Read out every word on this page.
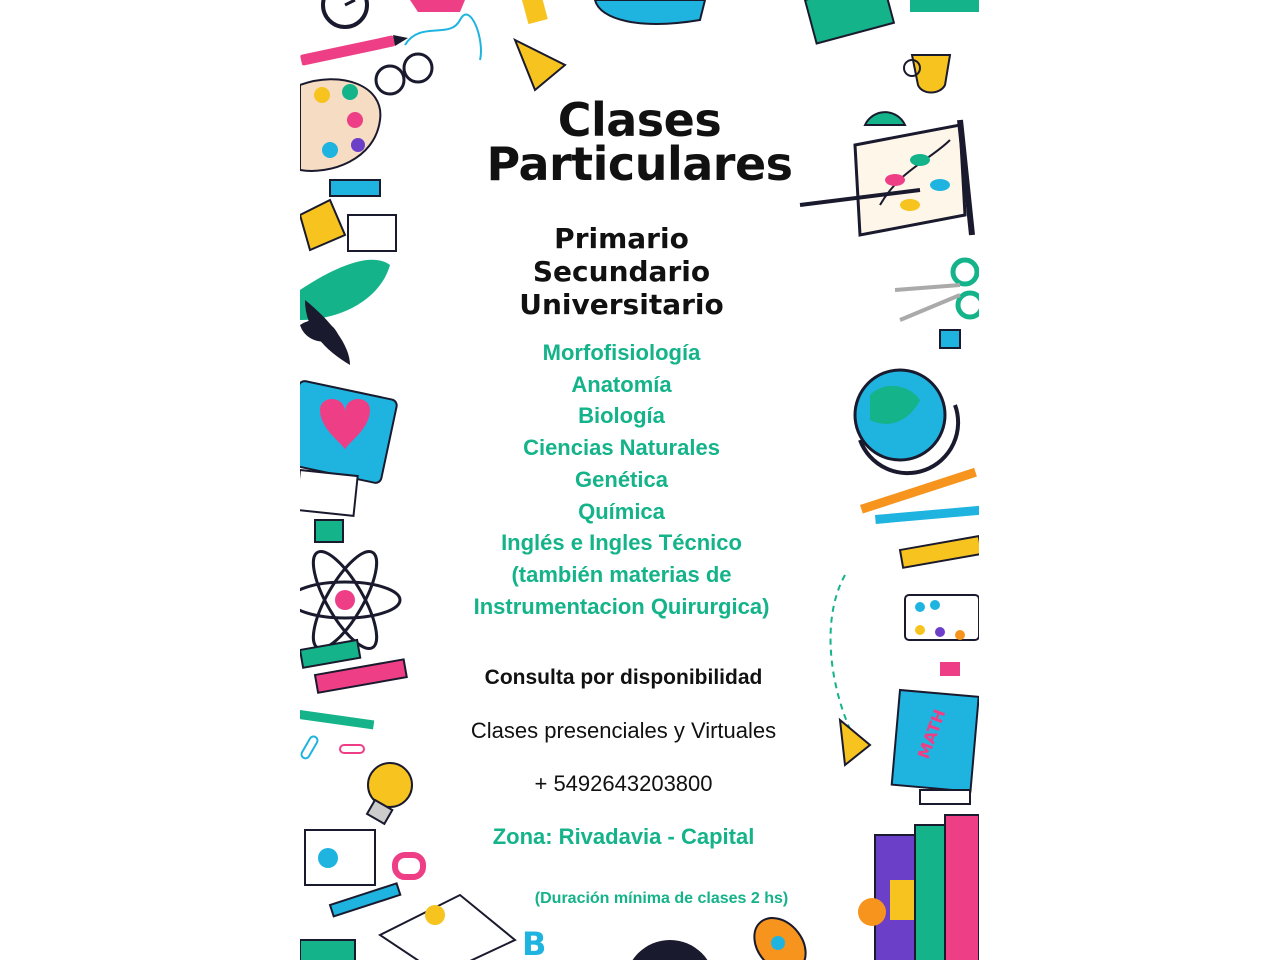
B
MATH
Clases
Particulares
Primario
Secundario
Universitario
Morfofisiología
Anatomía
Biología
Ciencias Naturales
Genética
Química
Inglés e Ingles Técnico
(también materias de
Instrumentacion Quirurgica)
Consulta por disponibilidad
Clases presenciales y Virtuales
+ 5492643203800
Zona: Rivadavia - Capital
(Duración mínima de clases 2 hs)
